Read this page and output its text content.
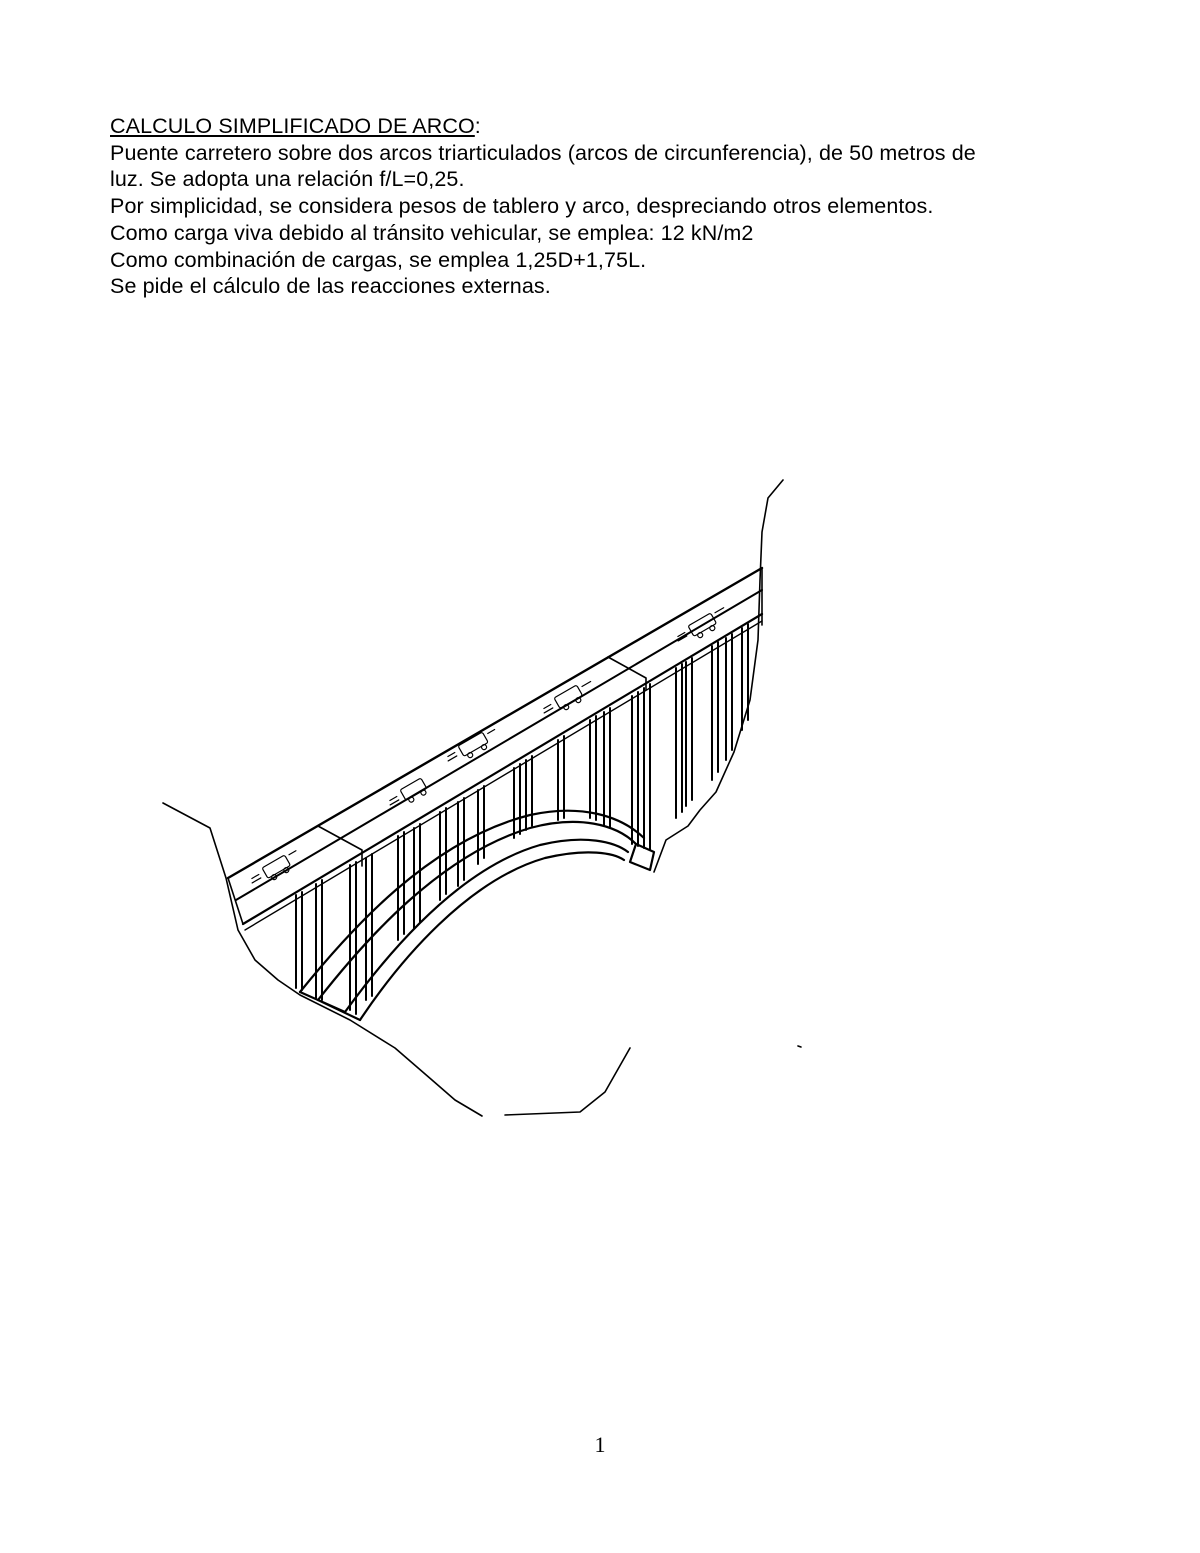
CALCULO SIMPLIFICADO DE ARCO:

Puente carretero sobre dos arcos triarticulados (arcos de circunferencia), de 50 metros de

luz. Se adopta una relación f/L=0,25.

Por simplicidad, se considera pesos de tablero y arco, despreciando otros elementos.

Como carga viva debido al tránsito vehicular, se emplea: 12 kN/m2

Como combinación de cargas, se emplea 1,25D+1,75L.

Se pide el cálculo de las reacciones externas.

1
